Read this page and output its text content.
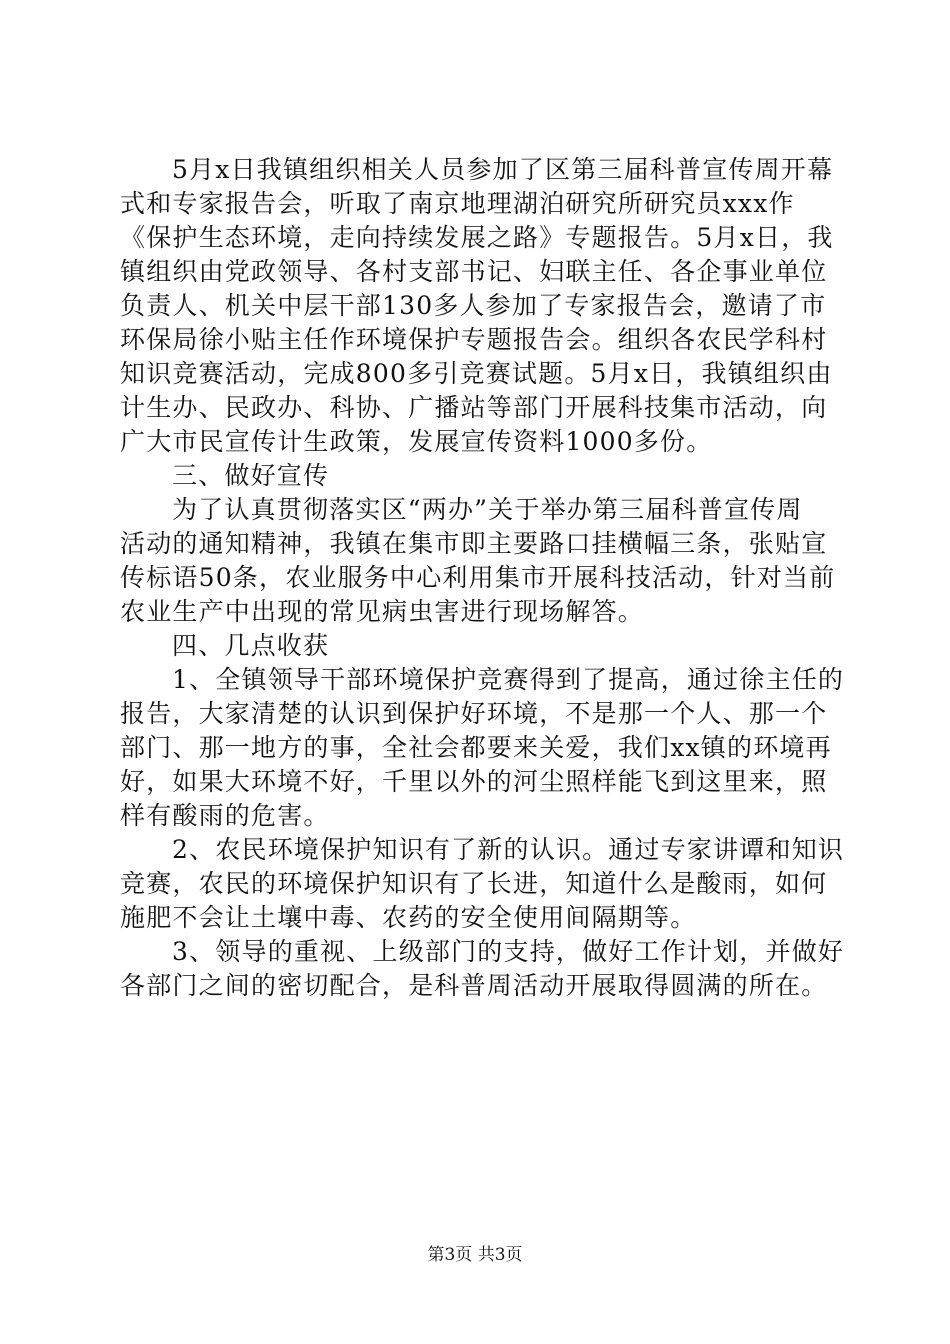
5月x日我镇组织相关人员参加了区第三届科普宣传周开幕
式和专家报告会，听取了南京地理湖泊研究所研究员xxx作
《保护生态环境，走向持续发展之路》专题报告。5月x日，我
镇组织由党政领导、各村支部书记、妇联主任、各企事业单位
负责人、机关中层干部130多人参加了专家报告会，邀请了市
环保局徐小贴主任作环境保护专题报告会。组织各农民学科村
知识竞赛活动，完成800多引竞赛试题。5月x日，我镇组织由
计生办、民政办、科协、广播站等部门开展科技集市活动，向
广大市民宣传计生政策，发展宣传资料1000多份。
三、做好宣传
为了认真贯彻落实区“两办”关于举办第三届科普宣传周
活动的通知精神，我镇在集市即主要路口挂横幅三条，张贴宣
传标语50条，农业服务中心利用集市开展科技活动，针对当前
农业生产中出现的常见病虫害进行现场解答。
四、几点收获
1、全镇领导干部环境保护竞赛得到了提高，通过徐主任的
报告，大家清楚的认识到保护好环境，不是那一个人、那一个
部门、那一地方的事，全社会都要来关爱，我们xx镇的环境再
好，如果大环境不好，千里以外的河尘照样能飞到这里来，照
样有酸雨的危害。
2、农民环境保护知识有了新的认识。通过专家讲谭和知识
竞赛，农民的环境保护知识有了长进，知道什么是酸雨，如何
施肥不会让土壤中毒、农药的安全使用间隔期等。
3、领导的重视、上级部门的支持，做好工作计划，并做好
各部门之间的密切配合，是科普周活动开展取得圆满的所在。
第3页 共3页
